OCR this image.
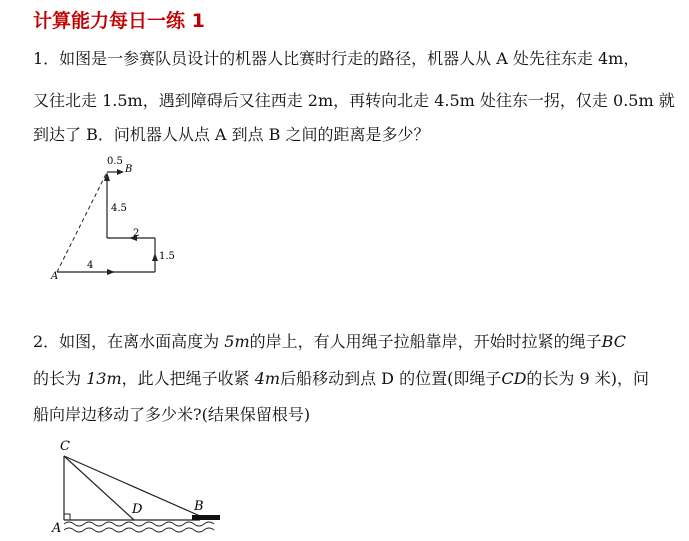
计算能力每日一练 1
1．如图是一参赛队员设计的机器人比赛时行走的路径，机器人从 A 处先往东走 4m，
又往北走 1.5m，遇到障碍后又往西走 2m，再转向北走 4.5m 处往东一拐，仅走 0.5m 就
到达了 B．问机器人从点 A 到点 B 之间的距离是多少？
0.5
B
4.5
2
1.5
4
A
2．如图，在离水面高度为 5m的岸上，有人用绳子拉船靠岸，开始时拉紧的绳子BC
的长为 13m，此人把绳子收紧 4m后船移动到点 D 的位置(即绳子CD的长为 9 米)，问
船向岸边移动了多少米?(结果保留根号)
C
D	B
A
